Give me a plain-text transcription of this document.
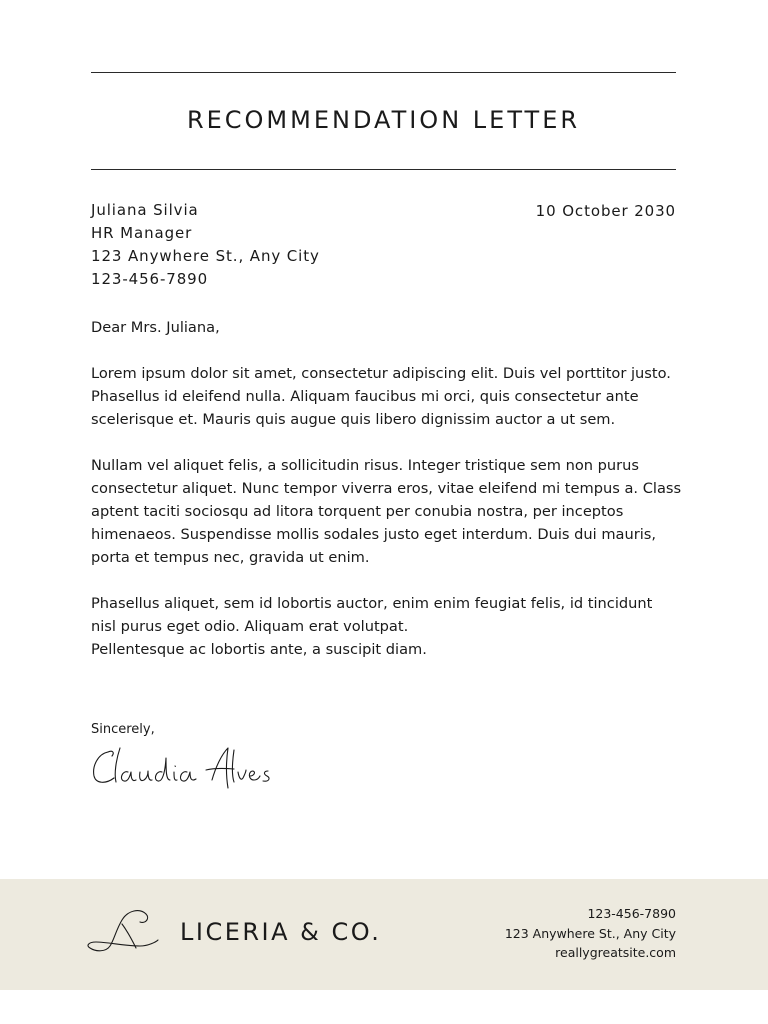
RECOMMENDATION LETTER
Juliana Silvia
HR Manager
123 Anywhere St., Any City
123-456-7890
10 October 2030

Dear Mrs. Juliana,

Lorem ipsum dolor sit amet, consectetur adipiscing elit. Duis vel porttitor justo.
Phasellus id eleifend nulla. Aliquam faucibus mi orci, quis consectetur ante
scelerisque et. Mauris quis augue quis libero dignissim auctor a ut sem.

Nullam vel aliquet felis, a sollicitudin risus. Integer tristique sem non purus
consectetur aliquet. Nunc tempor viverra eros, vitae eleifend mi tempus a. Class
aptent taciti sociosqu ad litora torquent per conubia nostra, per inceptos
himenaeos. Suspendisse mollis sodales justo eget interdum. Duis dui mauris,
porta et tempus nec, gravida ut enim.

Phasellus aliquet, sem id lobortis auctor, enim enim feugiat felis, id tincidunt
nisl purus eget odio. Aliquam erat volutpat.
Pellentesque ac lobortis ante, a suscipit diam.

Sincerely,
LICERIA & CO.
123-456-7890
123 Anywhere St., Any City
reallygreatsite.com
